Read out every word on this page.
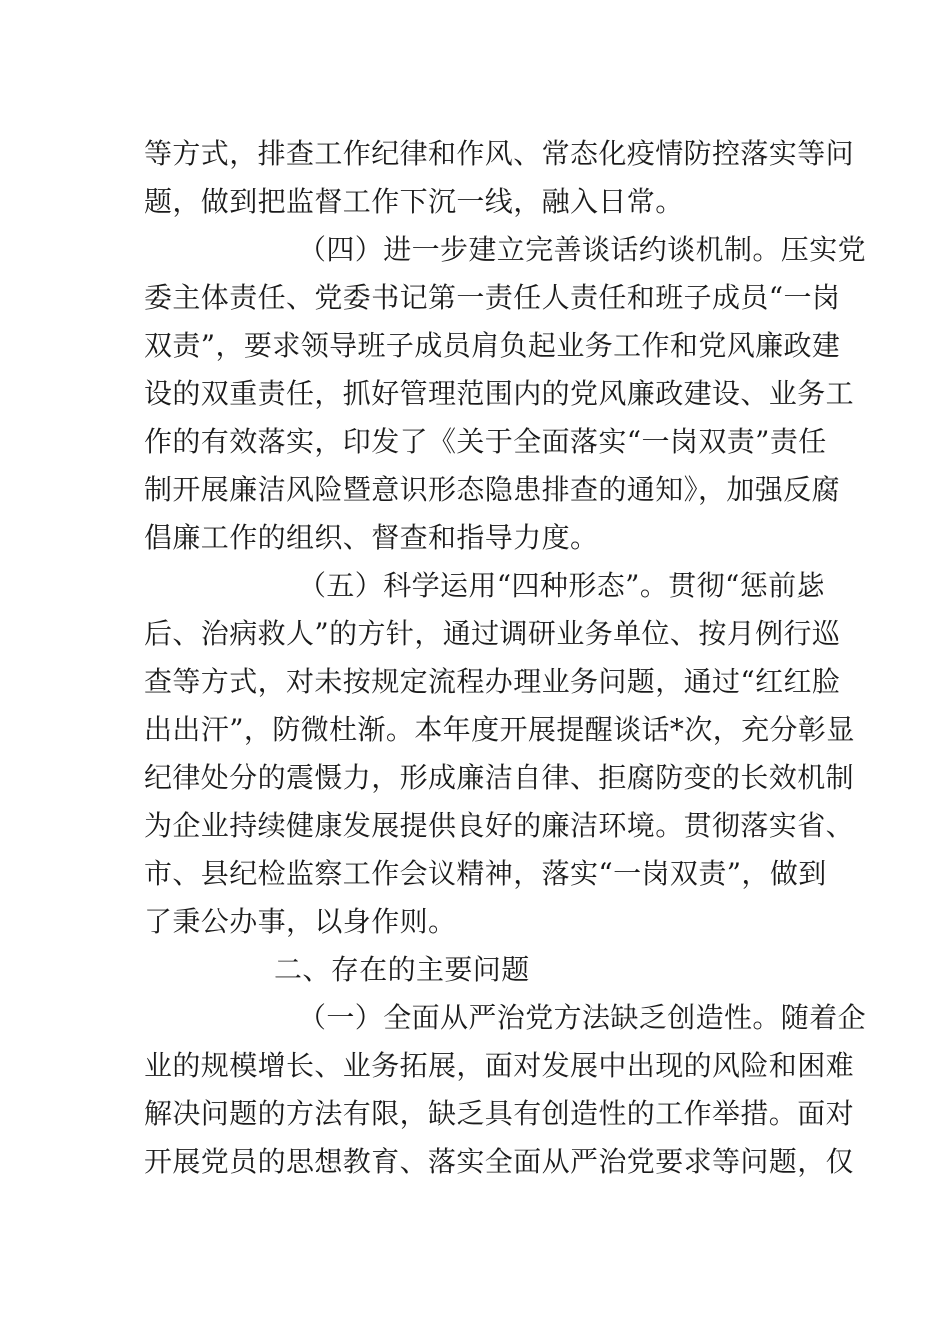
等方式，排查工作纪律和作风、常态化疫情防控落实等问
题，做到把监督工作下沉一线，融入日常。
（四）进一步建立完善谈话约谈机制。压实党
委主体责任、党委书记第一责任人责任和班子成员“一岗
双责”，要求领导班子成员肩负起业务工作和党风廉政建
设的双重责任，抓好管理范围内的党风廉政建设、业务工
作的有效落实，印发了《关于全面落实“一岗双责”责任
制开展廉洁风险暨意识形态隐患排查的通知》，加强反腐
倡廉工作的组织、督查和指导力度。
（五）科学运用“四种形态”。贯彻“惩前毖
后、治病救人”的方针，通过调研业务单位、按月例行巡
查等方式，对未按规定流程办理业务问题，通过“红红脸
出出汗”，防微杜渐。本年度开展提醒谈话*次，充分彰显
纪律处分的震慑力，形成廉洁自律、拒腐防变的长效机制
为企业持续健康发展提供良好的廉洁环境。贯彻落实省、
市、县纪检监察工作会议精神，落实“一岗双责”，做到
了秉公办事，以身作则。
二、存在的主要问题
（一）全面从严治党方法缺乏创造性。随着企
业的规模增长、业务拓展，面对发展中出现的风险和困难
解决问题的方法有限，缺乏具有创造性的工作举措。面对
开展党员的思想教育、落实全面从严治党要求等问题，仅
